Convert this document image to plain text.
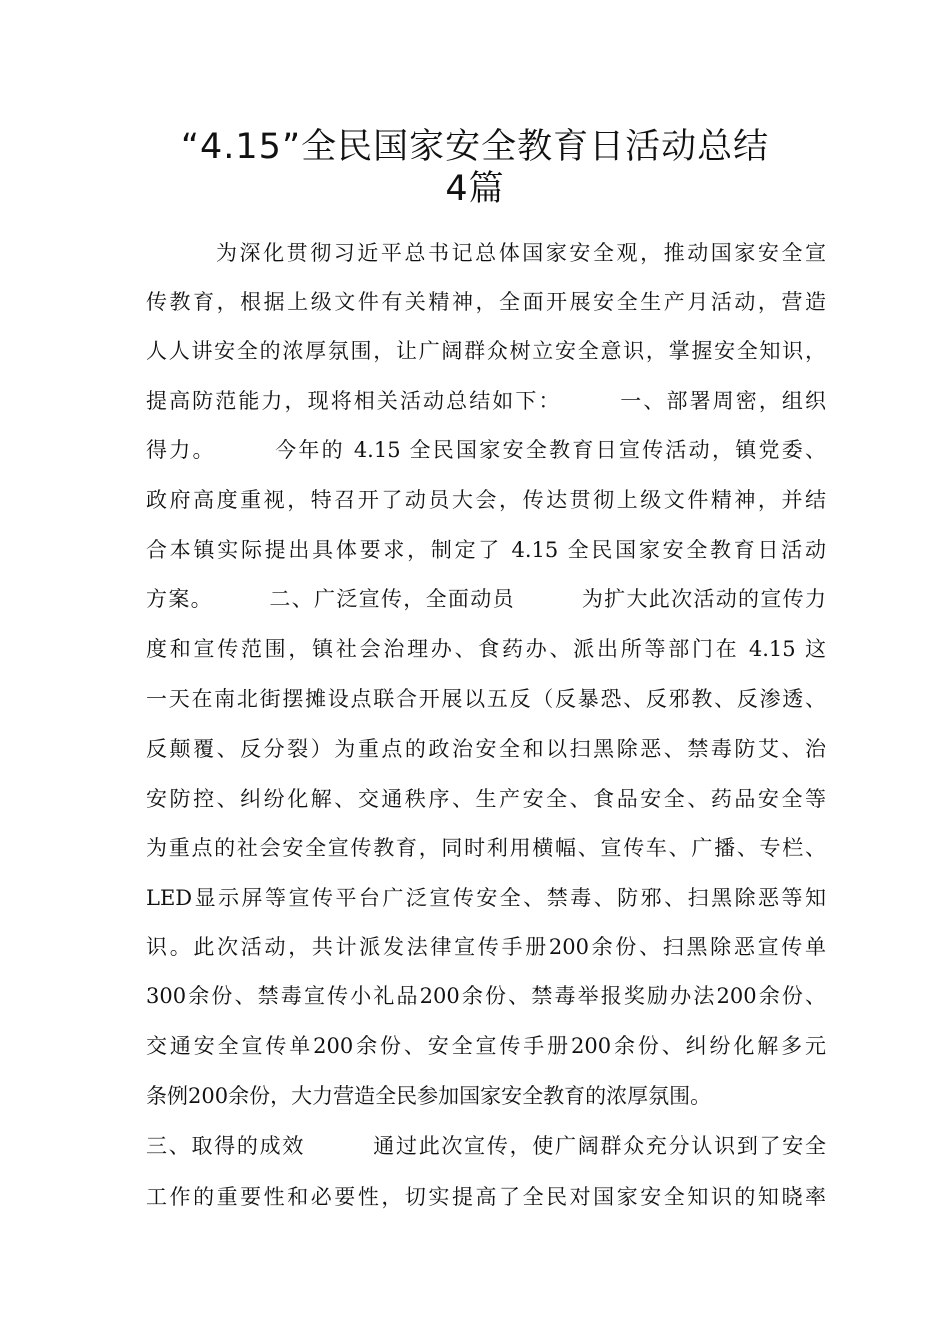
“4.15”全民国家安全教育日活动总结
4篇
为深化贯彻习近平总书记总体国家安全观，推动国家安全宣
传教育，根据上级文件有关精神，全面开展安全生产月活动，营造
人人讲安全的浓厚氛围，让广阔群众树立安全意识，掌握安全知识，
提高防范能力，现将相关活动总结如下：　　　一、部署周密，组织
得力。　　　今年的 4.15 全民国家安全教育日宣传活动，镇党委、
政府高度重视，特召开了动员大会，传达贯彻上级文件精神，并结
合本镇实际提出具体要求，制定了 4.15 全民国家安全教育日活动
方案。　　　二、广泛宣传，全面动员　　　为扩大此次活动的宣传力
度和宣传范围，镇社会治理办、食药办、派出所等部门在 4.15 这
一天在南北街摆摊设点联合开展以五反（反暴恐、反邪教、反渗透、
反颠覆、反分裂）为重点的政治安全和以扫黑除恶、禁毒防艾、治
安防控、纠纷化解、交通秩序、生产安全、食品安全、药品安全等
为重点的社会安全宣传教育，同时利用横幅、宣传车、广播、专栏、
LED显示屏等宣传平台广泛宣传安全、禁毒、防邪、扫黑除恶等知
识。此次活动，共计派发法律宣传手册200余份、扫黑除恶宣传单
300余份、禁毒宣传小礼品200余份、禁毒举报奖励办法200余份、
交通安全宣传单200余份、安全宣传手册200余份、纠纷化解多元
条例200余份，大力营造全民参加国家安全教育的浓厚氛围。
三、取得的成效　　　通过此次宣传，使广阔群众充分认识到了安全
工作的重要性和必要性，切实提高了全民对国家安全知识的知晓率
